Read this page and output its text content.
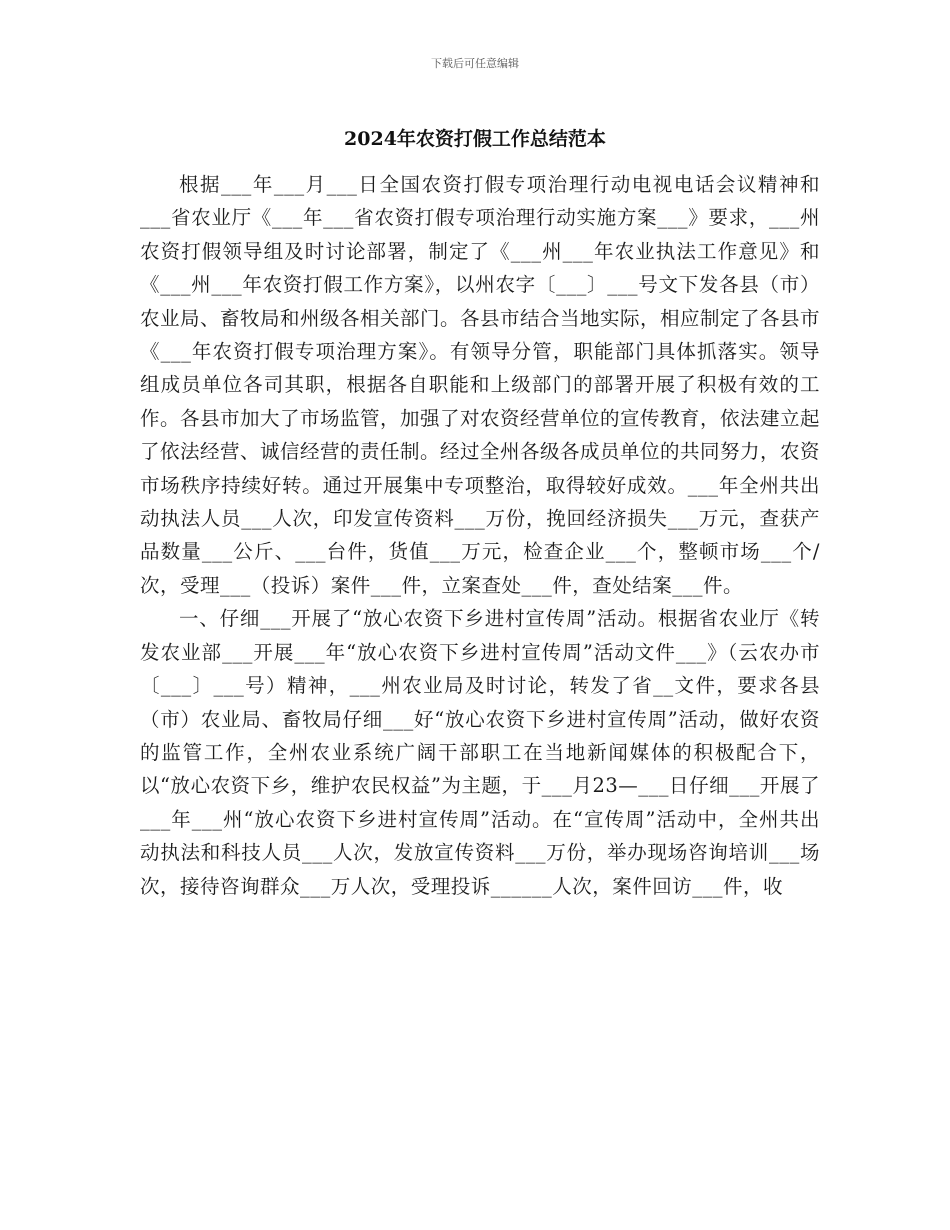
下载后可任意编辑
2024年农资打假工作总结范本

根据___年___月___日全国农资打假专项治理行动电视电话会议精神和___省农业厅《___年___省农资打假专项治理行动实施方案___》要求，___州农资打假领导组及时讨论部署，制定了《___州___年农业执法工作意见》和《___州___年农资打假工作方案》，以州农字〔___〕___号文下发各县（市）农业局、畜牧局和州级各相关部门。各县市结合当地实际，相应制定了各县市《___年农资打假专项治理方案》。有领导分管，职能部门具体抓落实。领导组成员单位各司其职，根据各自职能和上级部门的部署开展了积极有效的工作。各县市加大了市场监管，加强了对农资经营单位的宣传教育，依法建立起了依法经营、诚信经营的责任制。经过全州各级各成员单位的共同努力，农资市场秩序持续好转。通过开展集中专项整治，取得较好成效。___年全州共出动执法人员___人次，印发宣传资料___万份，挽回经济损失___万元，查获产品数量___公斤、___台件，货值___万元，检查企业___个，整顿市场___个/次，受理___（投诉）案件___件，立案查处___件，查处结案___件。

一、仔细___开展了“放心农资下乡进村宣传周”活动。根据省农业厅《转发农业部___开展___年“放心农资下乡进村宣传周”活动文件___》（云农办市〔___〕___号）精神，___州农业局及时讨论，转发了省__文件，要求各县（市）农业局、畜牧局仔细___好“放心农资下乡进村宣传周”活动，做好农资的监管工作，全州农业系统广阔干部职工在当地新闻媒体的积极配合下，以“放心农资下乡，维护农民权益”为主题，于___月23—___日仔细___开展了___年___州“放心农资下乡进村宣传周”活动。在“宣传周”活动中，全州共出动执法和科技人员___人次，发放宣传资料___万份，举办现场咨询培训___场次，接待咨询群众___万人次，受理投诉______人次，案件回访___件，收
